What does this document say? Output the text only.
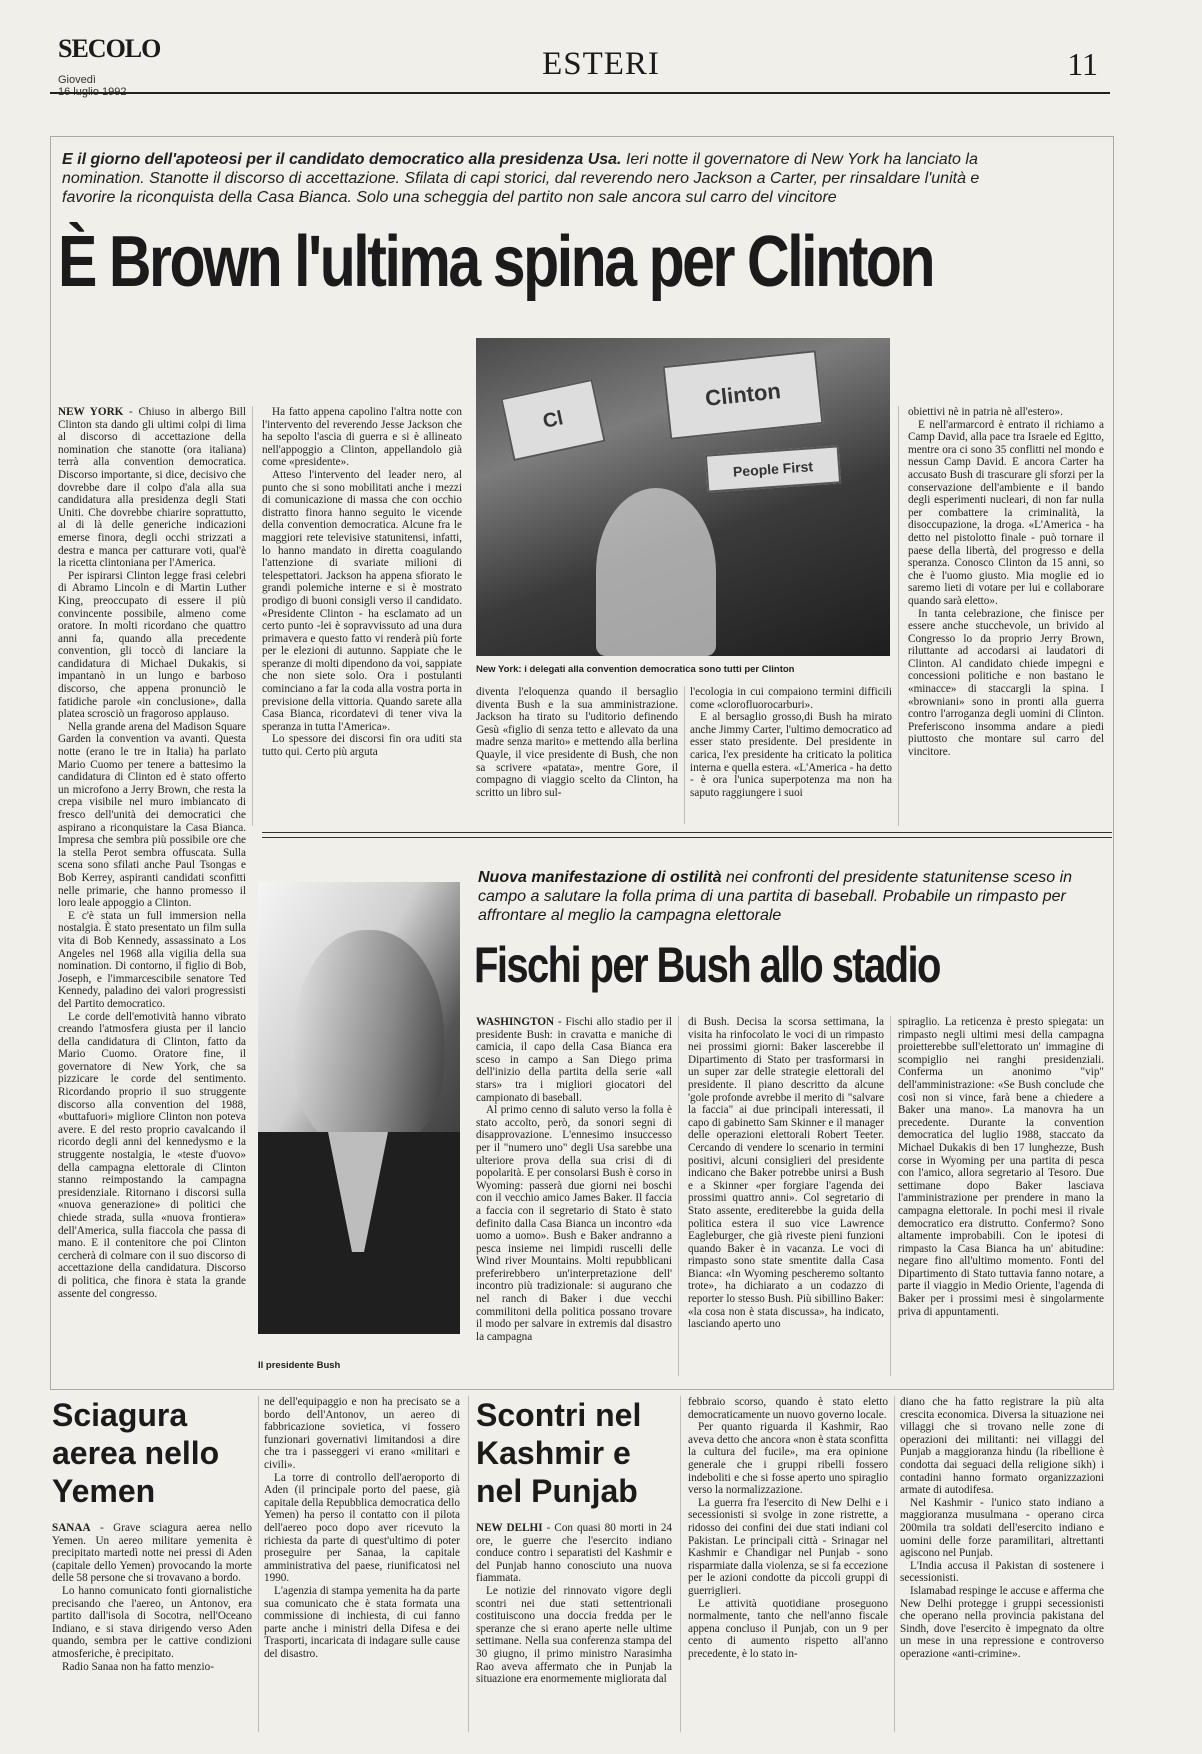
SECOLO
Giovedì	ESTERI	11
E il giorno dell'apoteosi per il candidato democratico alla presidenza Usa. Ieri notte il governatore di New York ha lanciato la nomination. Stanotte il discorso di accettazione. Sfilata di capi storici, dal reverendo nero Jackson a Carter, per rinsaldare l'unità e favorire la riconquista della Casa Bianca. Solo una scheggia del partito non sale ancora sul carro del vincitore
È Brown l'ultima spina per Clinton

NEW YORK - Chiuso in albergo Bill Clinton sta dando gli ultimi colpi di lima al discorso di accettazione della nomination che stanotte (ora italiana) terrà alla convention democratica. Discorso importante, si dice, decisivo che dovrebbe dare il colpo d'ala alla sua candidatura alla presidenza degli Stati Uniti. Che dovrebbe chiarire soprattutto, al di là delle generiche indicazioni emerse finora, degli occhi strizzati a destra e manca per catturare voti, qual'è la ricetta clintoniana per l'America.

Per ispirarsi Clinton legge frasi celebri di Abramo Lincoln e di Martin Luther King, preoccupato di essere il più convincente possibile, almeno come oratore. In molti ricordano che quattro anni fa, quando alla precedente convention, gli toccò di lanciare la candidatura di Michael Dukakis, si impantanò in un lungo e barboso discorso, che appena pronunciò le fatidiche parole «in conclusione», dalla platea scrosciò un fragoroso applauso.

Nella grande arena del Madison Square Garden la convention va avanti. Questa notte (erano le tre in Italia) ha parlato Mario Cuomo per tenere a battesimo la candidatura di Clinton ed è stato offerto un microfono a Jerry Brown, che resta la crepa visibile nel muro imbiancato di fresco dell'unità dei democratici che aspirano a riconquistare la Casa Bianca. Impresa che sembra più possibile ore che la stella Perot sembra offuscata. Sulla scena sono sfilati anche Paul Tsongas e Bob Kerrey, aspiranti candidati sconfitti nelle primarie, che hanno promesso il loro leale appoggio a Clinton.

E c'è stata un full immersion nella nostalgia. È stato presentato un film sulla vita di Bob Kennedy, assassinato a Los Angeles nel 1968 alla vigilia della sua nomination. Di contorno, il figlio di Bob, Joseph, e l'immarcescibile senatore Ted Kennedy, paladino dei valori progressisti del Partito democratico.

Le corde dell'emotività hanno vibrato creando l'atmosfera giusta per il lancio della candidatura di Clinton, fatto da Mario Cuomo. Oratore fine, il governatore di New York, che sa pizzicare le corde del sentimento. Ricordando proprio il suo struggente discorso alla convention del 1988, «buttafuori» migliore Clinton non poteva avere. E del resto proprio cavalcando il ricordo degli anni del kennedysmo e la struggente nostalgia, le «teste d'uovo» della campagna elettorale di Clinton stanno reimpostando la campagna presidenziale. Ritornano i discorsi sulla «nuova generazione» di politici che chiede strada, sulla «nuova frontiera» dell'America, sulla fiaccola che passa di mano. E il contenitore che poi Clinton cercherà di colmare con il suo discorso di accettazione della candidatura. Discorso di politica, che finora è stata la grande assente del congresso.

Ha fatto appena capolino l'altra notte con l'intervento del reverendo Jesse Jackson che ha sepolto l'ascia di guerra e si è allineato nell'appoggio a Clinton, appellandolo già come «presidente».

Atteso l'intervento del leader nero, al punto che si sono mobilitati anche i mezzi di comunicazione di massa che con occhio distratto finora hanno seguito le vicende della convention democratica. Alcune fra le maggiori rete televisive statunitensi, infatti, lo hanno mandato in diretta coagulando l'attenzione di svariate milioni di telespettatori. Jackson ha appena sfiorato le grandi polemiche interne e si è mostrato prodigo di buoni consigli verso il candidato. «Presidente Clinton - ha esclamato ad un certo punto -lei è sopravvissuto ad una dura primavera e questo fatto vi renderà più forte per le elezioni di autunno. Sappiate che le speranze di molti dipendono da voi, sappiate che non siete solo. Ora i postulanti cominciano a far la coda alla vostra porta in previsione della vittoria. Quando sarete alla Casa Bianca, ricordatevi di tener viva la speranza in tutta l'America».

Lo spessore dei discorsi fin ora uditi sta tutto qui. Certo più arguta

Clinton
People First
Cl
New York: i delegati alla convention democratica sono tutti per Clinton

diventa l'eloquenza quando il bersaglio diventa Bush e la sua amministrazione. Jackson ha tirato su l'uditorio definendo Gesù «figlio di senza tetto e allevato da una madre senza marito» e mettendo alla berlina Quayle, il vice presidente di Bush, che non sa scrivere «patata», mentre Gore, il compagno di viaggio scelto da Clinton, ha scritto un libro sul-

l'ecologia in cui compaiono termini difficili come «clorofluorocarburi».

E al bersaglio grosso,di Bush ha mirato anche Jimmy Carter, l'ultimo democratico ad esser stato presidente. Del presidente in carica, l'ex presidente ha criticato la politica interna e quella estera. «L'America - ha detto - è ora l'unica superpotenza ma non ha saputo raggiungere i suoi

obiettivi nè in patria nè all'estero».

E nell'armarcord è entrato il richiamo a Camp David, alla pace tra Israele ed Egitto, mentre ora ci sono 35 conflitti nel mondo e nessun Camp David. E ancora Carter ha accusato Bush di trascurare gli sforzi per la conservazione dell'ambiente e il bando degli esperimenti nucleari, di non far nulla per combattere la criminalità, la disoccupazione, la droga. «L'America - ha detto nel pistolotto finale - può tornare il paese della libertà, del progresso e della speranza. Conosco Clinton da 15 anni, so che è l'uomo giusto. Mia moglie ed io saremo lieti di votare per lui e collaborare quando sarà eletto».

In tanta celebrazione, che finisce per essere anche stucchevole, un brivido al Congresso lo da proprio Jerry Brown, riluttante ad accodarsi ai laudatori di Clinton. Al candidato chiede impegni e concessioni politiche e non bastano le «minacce» di staccargli la spina. I «browniani» sono in pronti alla guerra contro l'arroganza degli uomini di Clinton. Preferiscono insomma andare a piedi piuttosto che montare sul carro del vincitore.

Nuova manifestazione di ostilità nei confronti del presidente statunitense sceso in campo a salutare la folla prima di una partita di baseball. Probabile un rimpasto per affrontare al meglio la campagna elettorale
Fischi per Bush allo stadio
Il presidente Bush

WASHINGTON - Fischi allo stadio per il presidente Bush: in cravatta e maniche di camicia, il capo della Casa Bianca era sceso in campo a San Diego prima dell'inizio della partita della serie «all stars» tra i migliori giocatori del campionato di baseball.

Al primo cenno di saluto verso la folla è stato accolto, però, da sonori segni di disapprovazione. L'ennesimo insuccesso per il "numero uno" degli Usa sarebbe una ulteriore prova della sua crisi di di popolarità. E per consolarsi Bush è corso in Wyoming: passerà due giorni nei boschi con il vecchio amico James Baker. Il faccia a faccia con il segretario di Stato è stato definito dalla Casa Bianca un incontro «da uomo a uomo». Bush e Baker andranno a pesca insieme nei limpidi ruscelli delle Wind river Mountains. Molti repubblicani preferirebbero un'interpretazione dell' incontro più tradizionale: si augurano che nel ranch di Baker i due vecchi commilitoni della politica possano trovare il modo per salvare in extremis dal disastro la campagna

di Bush. Decisa la scorsa settimana, la visita ha rinfocolato le voci di un rimpasto nei prossimi giorni: Baker lascerebbe il Dipartimento di Stato per trasformarsi in un super zar delle strategie elettorali del presidente. Il piano descritto da alcune 'gole profonde avrebbe il merito di "salvare la faccia" ai due principali interessati, il capo di gabinetto Sam Skinner e il manager delle operazioni elettorali Robert Teeter. Cercando di vendere lo scenario in termini positivi, alcuni consiglieri del presidente indicano che Baker potrebbe unirsi a Bush e a Skinner «per forgiare l'agenda dei prossimi quattro anni». Col segretario di Stato assente, erediterebbe la guida della politica estera il suo vice Lawrence Eagleburger, che già riveste pieni funzioni quando Baker è in vacanza. Le voci di rimpasto sono state smentite dalla Casa Bianca: «In Wyoming pescheremo soltanto trote», ha dichiarato a un codazzo di reporter lo stesso Bush. Più sibillino Baker: «la cosa non è stata discussa», ha indicato, lasciando aperto uno

spiraglio. La reticenza è presto spiegata: un rimpasto negli ultimi mesi della campagna proietterebbe sull'elettorato un' immagine di scompiglio nei ranghi presidenziali. Conferma un anonimo "vip" dell'amministrazione: «Se Bush conclude che così non si vince, farà bene a chiedere a Baker una mano». La manovra ha un precedente. Durante la convention democratica del luglio 1988, staccato da Michael Dukakis di ben 17 lunghezze, Bush corse in Wyoming per una partita di pesca con l'amico, allora segretario al Tesoro. Due settimane dopo Baker lasciava l'amministrazione per prendere in mano la campagna elettorale. In pochi mesi il rivale democratico era distrutto. Confermo? Sono altamente improbabili. Con le ipotesi di rimpasto la Casa Bianca ha un' abitudine: negare fino all'ultimo momento. Fonti del Dipartimento di Stato tuttavia fanno notare, a parte il viaggio in Medio Oriente, l'agenda di Baker per i prossimi mesi è singolarmente priva di appuntamenti.

Sciagura aerea nello Yemen

SANAA - Grave sciagura aerea nello Yemen. Un aereo militare yemenita è precipitato martedì notte nei pressi di Aden (capitale dello Yemen) provocando la morte delle 58 persone che si trovavano a bordo.

Lo hanno comunicato fonti giornalistiche precisando che l'aereo, un Antonov, era partito dall'isola di Socotra, nell'Oceano Indiano, e si stava dirigendo verso Aden quando, sembra per le cattive condizioni atmosferiche, è precipitato.

Radio Sanaa non ha fatto menzio-

ne dell'equipaggio e non ha precisato se a bordo dell'Antonov, un aereo di fabbricazione sovietica, vi fossero funzionari governativi limitandosi a dire che tra i passeggeri vi erano «militari e civili».

La torre di controllo dell'aeroporto di Aden (il principale porto del paese, già capitale della Repubblica democratica dello Yemen) ha perso il contatto con il pilota dell'aereo poco dopo aver ricevuto la richiesta da parte di quest'ultimo di poter proseguire per Sanaa, la capitale amministrativa del paese, riunificatosi nel 1990.

L'agenzia di stampa yemenita ha da parte sua comunicato che è stata formata una commissione di inchiesta, di cui fanno parte anche i ministri della Difesa e dei Trasporti, incaricata di indagare sulle cause del disastro.

Scontri nel Kashmir e nel Punjab

NEW DELHI - Con quasi 80 morti in 24 ore, le guerre che l'esercito indiano conduce contro i separatisti del Kashmir e del Punjab hanno conosciuto una nuova fiammata.

Le notizie del rinnovato vigore degli scontri nei due stati settentrionali costituiscono una doccia fredda per le speranze che si erano aperte nelle ultime settimane. Nella sua conferenza stampa del 30 giugno, il primo ministro Narasimha Rao aveva affermato che in Punjab la situazione era enormemente migliorata dal

febbraio scorso, quando è stato eletto democraticamente un nuovo governo locale.

Per quanto riguarda il Kashmir, Rao aveva detto che ancora «non è stata sconfitta la cultura del fucile», ma era opinione generale che i gruppi ribelli fossero indeboliti e che si fosse aperto uno spiraglio verso la normalizzazione.

La guerra fra l'esercito di New Delhi e i secessionisti si svolge in zone ristrette, a ridosso dei confini dei due stati indiani col Pakistan. Le principali città - Srinagar nel Kashmir e Chandigar nel Punjab - sono risparmiate dalla violenza, se si fa eccezione per le azioni condotte da piccoli gruppi di guerriglieri.

Le attività quotidiane proseguono normalmente, tanto che nell'anno fiscale appena concluso il Punjab, con un 9 per cento di aumento rispetto all'anno precedente, è lo stato in-

diano che ha fatto registrare la più alta crescita economica. Diversa la situazione nei villaggi che si trovano nelle zone di operazioni dei militanti: nei villaggi del Punjab a maggioranza hindu (la ribellione è condotta dai seguaci della religione sikh) i contadini hanno formato organizzazioni armate di autodifesa.

Nel Kashmir - l'unico stato indiano a maggioranza musulmana - operano circa 200mila tra soldati dell'esercito indiano e uomini delle forze paramilitari, altrettanti agiscono nel Punjab.

L'India accusa il Pakistan di sostenere i secessionisti.

Islamabad respinge le accuse e afferma che New Delhi protegge i gruppi secessionisti che operano nella provincia pakistana del Sindh, dove l'esercito è impegnato da oltre un mese in una repressione e controverso operazione «anti-crimine».
